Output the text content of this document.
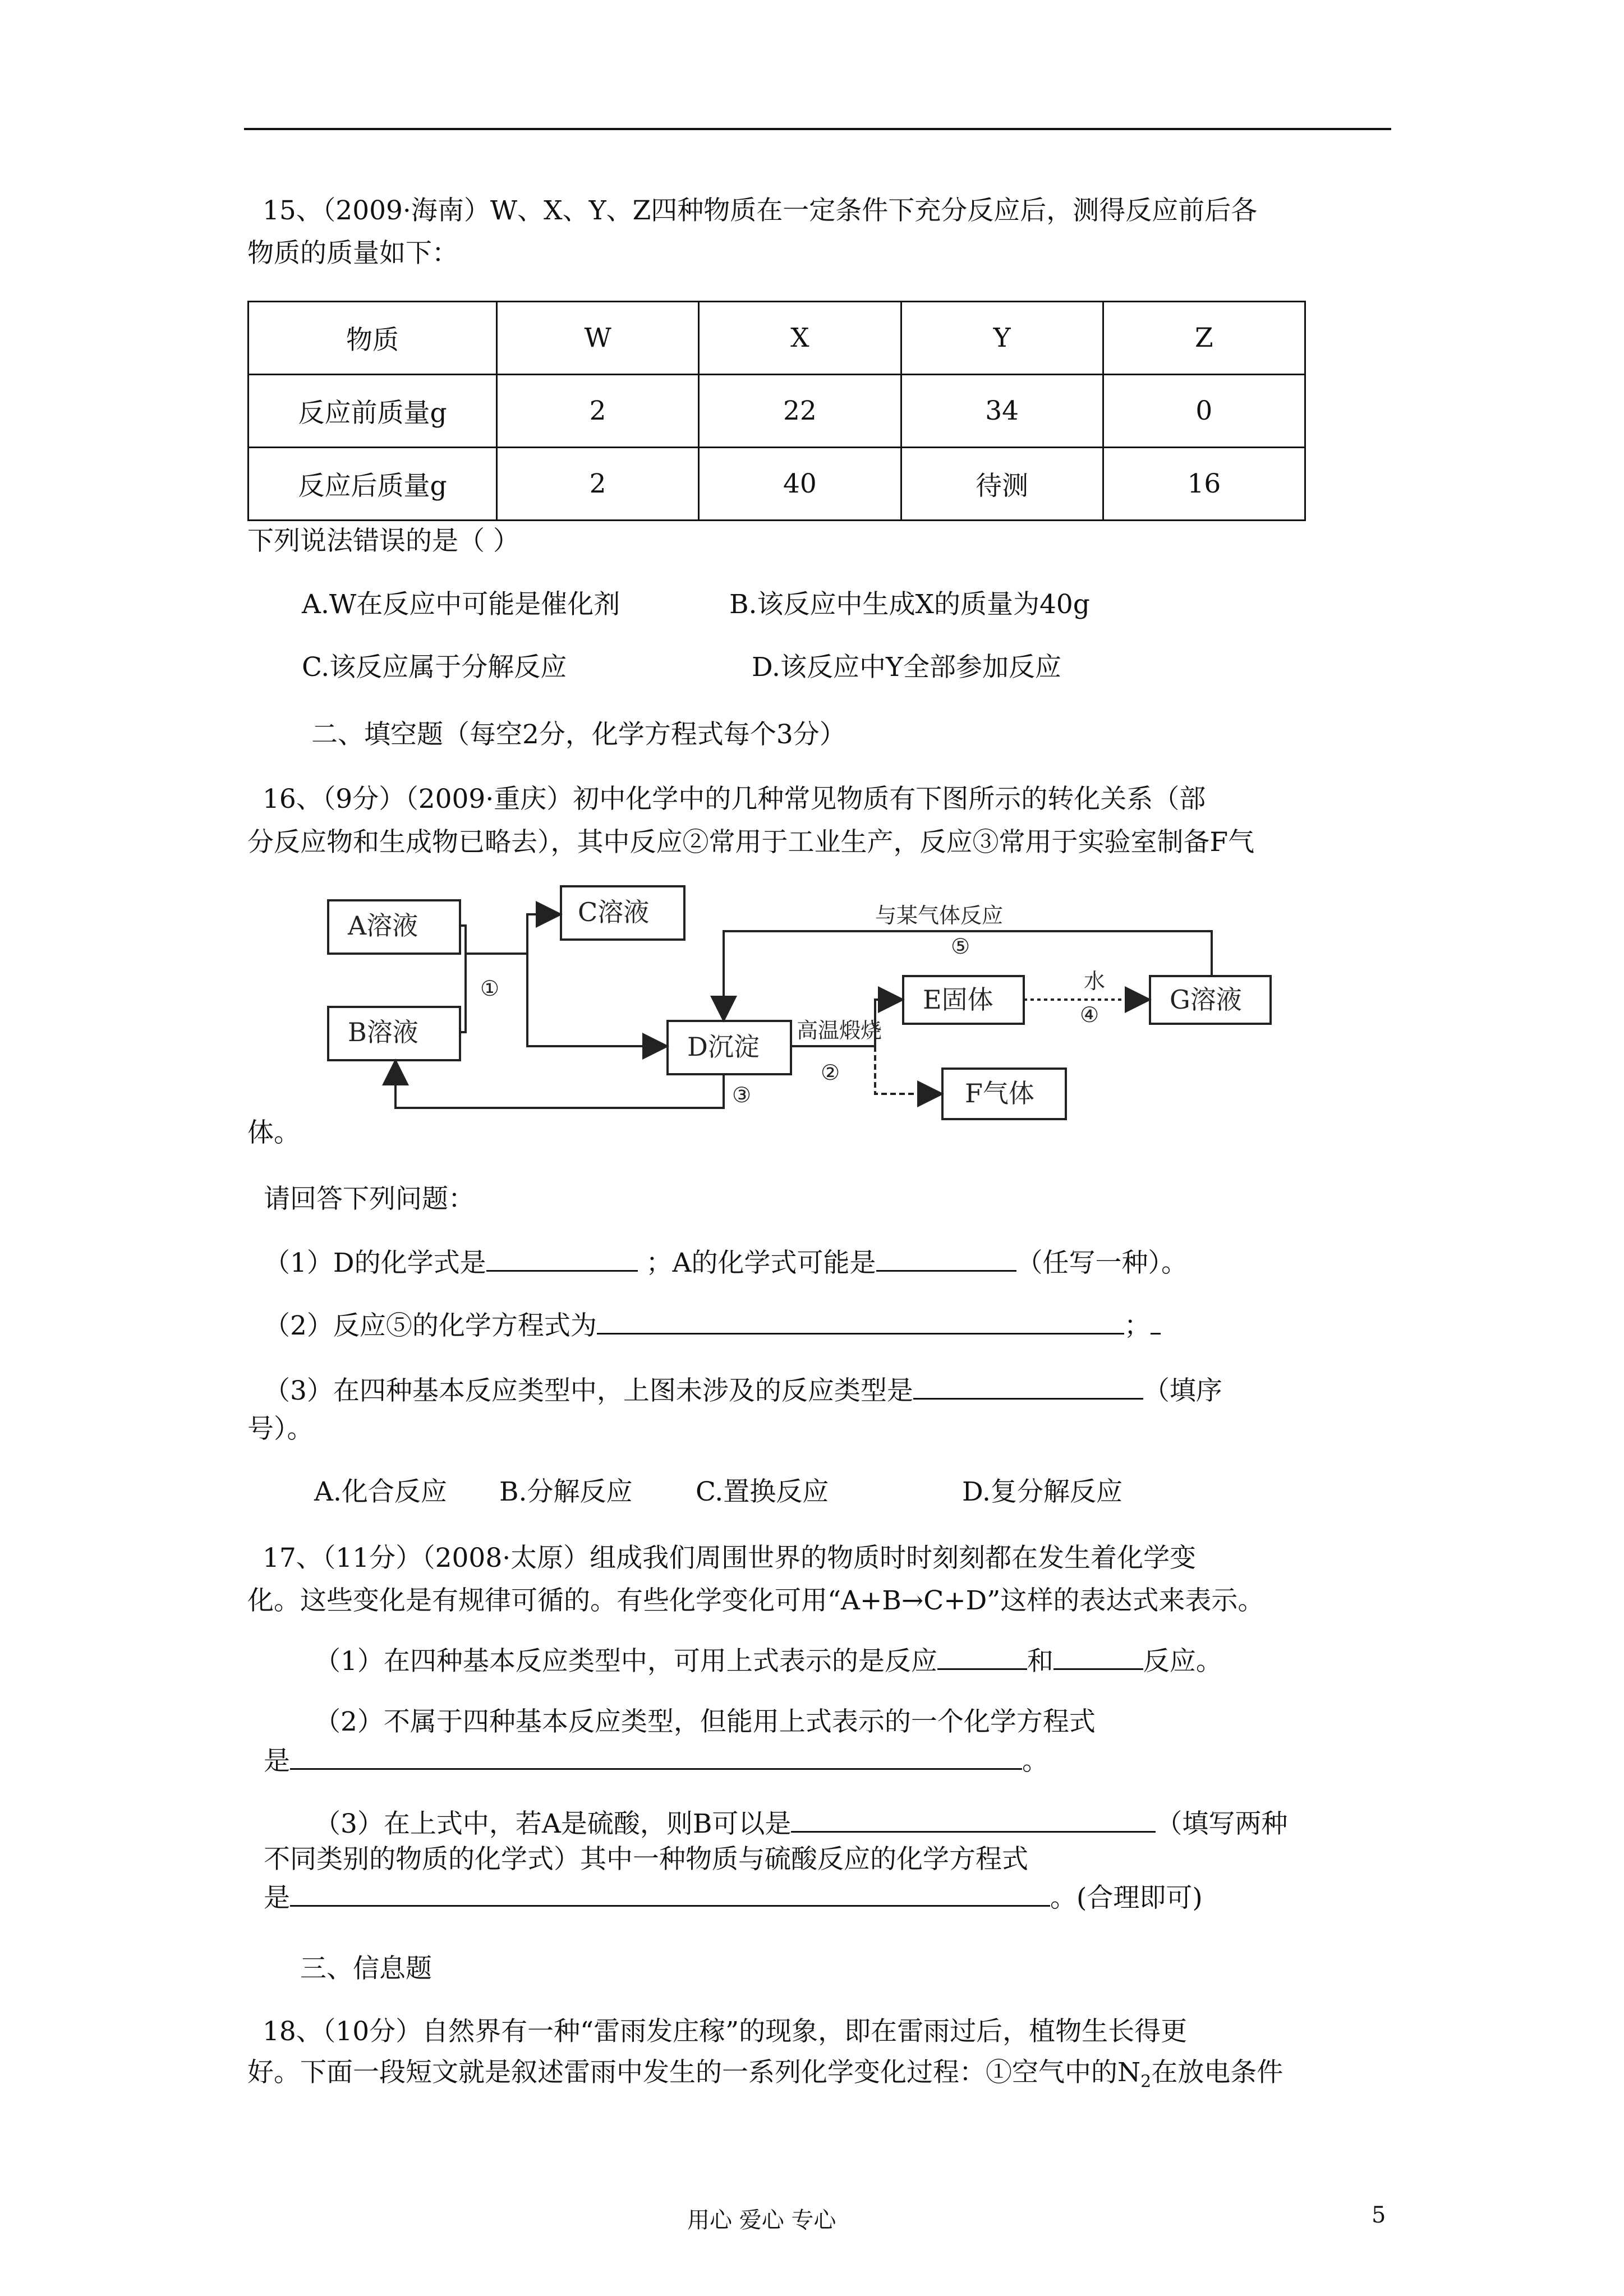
15、（2009·海南）W、X、Y、Z四种物质在一定条件下充分反应后，测得反应前后各
物质的质量如下：
物质	W	X	Y	Z
反应前质量g	2	22	34	0
反应后质量g	2	40	待测	16
下列说法错误的是（ ）
A.W在反应中可能是催化剂	B.该反应中生成X的质量为40g
C.该反应属于分解反应	D.该反应中Y全部参加反应
二、填空题（每空2分，化学方程式每个3分）
16、（9分）（2009·重庆）初中化学中的几种常见物质有下图所示的转化关系（部
分反应物和生成物已略去），其中反应②常用于工业生产，反应③常用于实验室制备F气
A溶液
B溶液
C溶液
D沉淀
E固体	G溶液
F气体
①
②
③
④
⑤
高温煅烧
水
与某气体反应
体。
请回答下列问题：
（1）D的化学式是	；A的化学式可能是	（任写一种）。
（2）反应⑤的化学方程式为	；
（3）在四种基本反应类型中，上图未涉及的反应类型是	（填序
号）。
A.化合反应 B.分解反应 C.置换反应	D.复分解反应
17、（11分）（2008·太原）组成我们周围世界的物质时时刻刻都在发生着化学变
化。这些变化是有规律可循的。有些化学变化可用“A+B→C+D”这样的表达式来表示。
（1）在四种基本反应类型中，可用上式表示的是反应	和	反应。
（2）不属于四种基本反应类型，但能用上式表示的一个化学方程式
是	。
（3）在上式中，若A是硫酸，则B可以是	（填写两种
不同类别的物质的化学式）其中一种物质与硫酸反应的化学方程式
是	。(合理即可)
三、信息题
18、（10分）自然界有一种“雷雨发庄稼”的现象，即在雷雨过后，植物生长得更
好。下面一段短文就是叙述雷雨中发生的一系列化学变化过程：①空气中的$N_2$在放电条件
用心 爱心 专心	5
